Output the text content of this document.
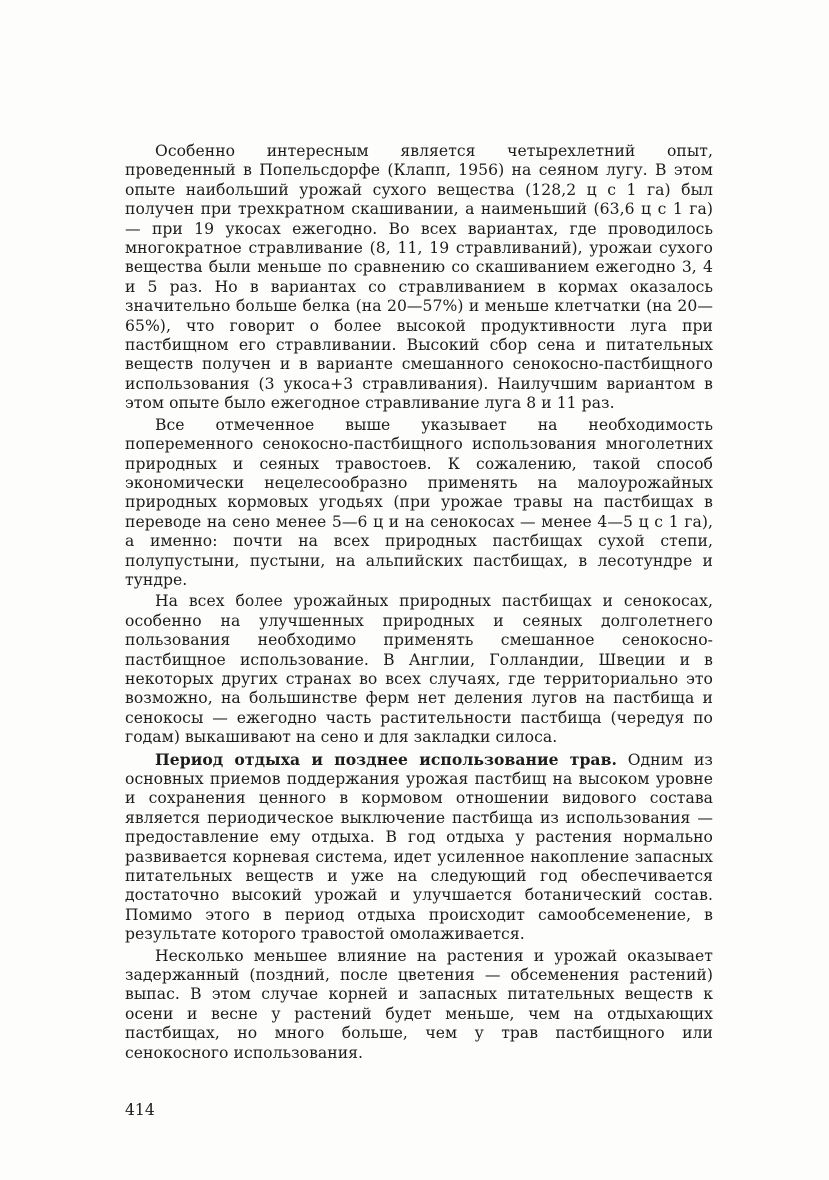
Особенно интересным является четырехлетний опыт, проведенный в Попельсдорфе (Клапп, 1956) на сеяном лугу. В этом опыте наибольший урожай сухого вещества (128,2 ц с 1 га) был получен при трехкратном скашивании, а наименьший (63,6 ц с 1 га) — при 19 укосах ежегодно. Во всех вариантах, где проводилось многократное стравливание (8, 11, 19 стравливаний), урожаи сухого вещества были меньше по сравнению со скашиванием ежегодно 3, 4 и 5 раз. Но в вариантах со стравливанием в кормах оказалось значительно больше белка (на 20—57%) и меньше клетчатки (на 20—65%), что говорит о более высокой продуктивности луга при пастбищном его стравливании. Высокий сбор сена и питательных веществ получен и в варианте смешанного сенокосно-пастбищного использования (3 укоса+3 стравливания). Наилучшим вариантом в этом опыте было ежегодное стравливание луга 8 и 11 раз.

Все отмеченное выше указывает на необходимость попеременного сенокосно-пастбищного использования многолетних природных и сеяных травостоев. К сожалению, такой способ экономически нецелесообразно применять на малоурожайных природных кормовых угодьях (при урожае травы на пастбищах в переводе на сено менее 5—6 ц и на сенокосах — менее 4—5 ц с 1 га), а именно: почти на всех природных пастбищах сухой степи, полупустыни, пустыни, на альпийских пастбищах, в лесотундре и тундре.

На всех более урожайных природных пастбищах и сенокосах, особенно на улучшенных природных и сеяных долголетнего пользования необходимо применять смешанное сенокосно-пастбищное использование. В Англии, Голландии, Швеции и в некоторых других странах во всех случаях, где территориально это возможно, на большинстве ферм нет деления лугов на пастбища и сенокосы — ежегодно часть растительности пастбища (чередуя по годам) выкашивают на сено и для закладки силоса.

Период отдыха и позднее использование трав. Одним из основных приемов поддержания урожая пастбищ на высоком уровне и сохранения ценного в кормовом отношении видового состава является периодическое выключение пастбища из использования — предоставление ему отдыха. В год отдыха у растения нормально развивается корневая система, идет усиленное накопление запасных питательных веществ и уже на следующий год обеспечивается достаточно высокий урожай и улучшается ботанический состав. Помимо этого в период отдыха происходит самообсеменение, в результате которого травостой омолаживается.

Несколько меньшее влияние на растения и урожай оказывает задержанный (поздний, после цветения — обсеменения растений) выпас. В этом случае корней и запасных питательных веществ к осени и весне у растений будет меньше, чем на отдыхающих пастбищах, но много больше, чем у трав пастбищного или сенокосного использования.

414
